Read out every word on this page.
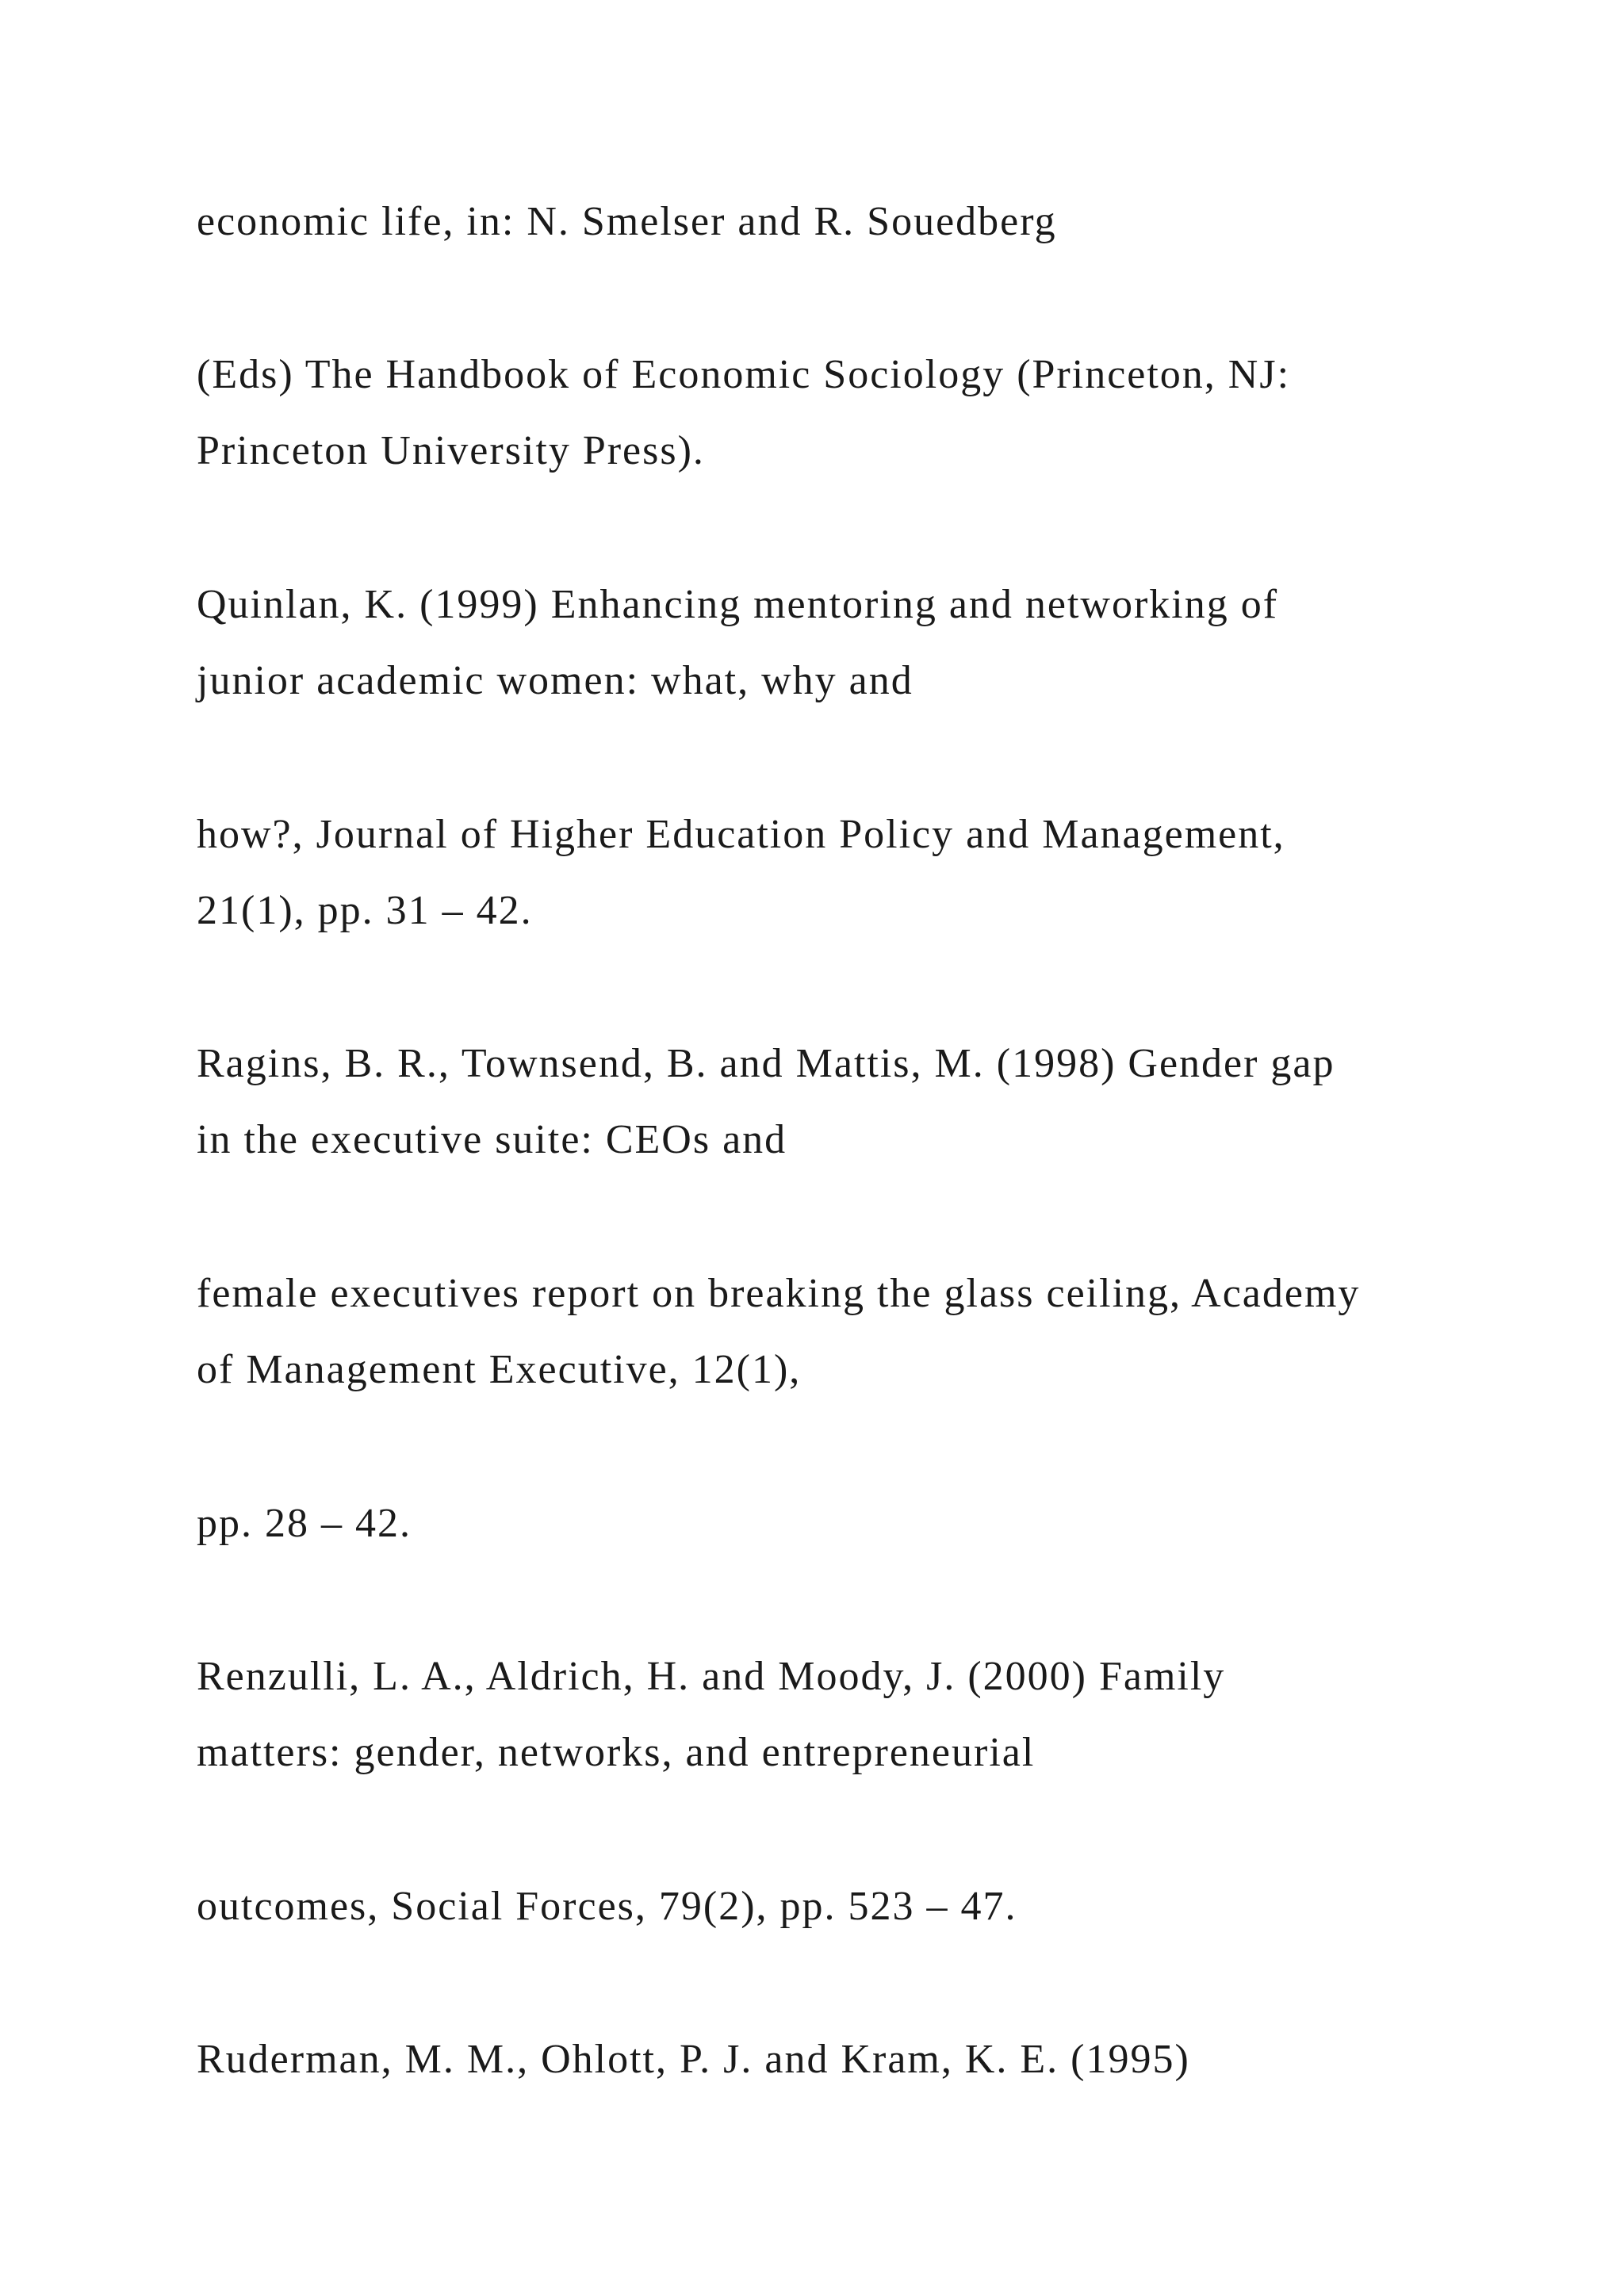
economic life, in: N. Smelser and R. Souedberg

(Eds) The Handbook of Economic Sociology (Princeton, NJ:

Princeton University Press).

Quinlan, K. (1999) Enhancing mentoring and networking of

junior academic women: what, why and

how?, Journal of Higher Education Policy and Management,

21(1), pp. 31 – 42.

Ragins, B. R., Townsend, B. and Mattis, M. (1998) Gender gap

in the executive suite: CEOs and

female executives report on breaking the glass ceiling, Academy

of Management Executive, 12(1),

pp. 28 – 42.

Renzulli, L. A., Aldrich, H. and Moody, J. (2000) Family

matters: gender, networks, and entrepreneurial

outcomes, Social Forces, 79(2), pp. 523 – 47.

Ruderman, M. M., Ohlott, P. J. and Kram, K. E. (1995)
